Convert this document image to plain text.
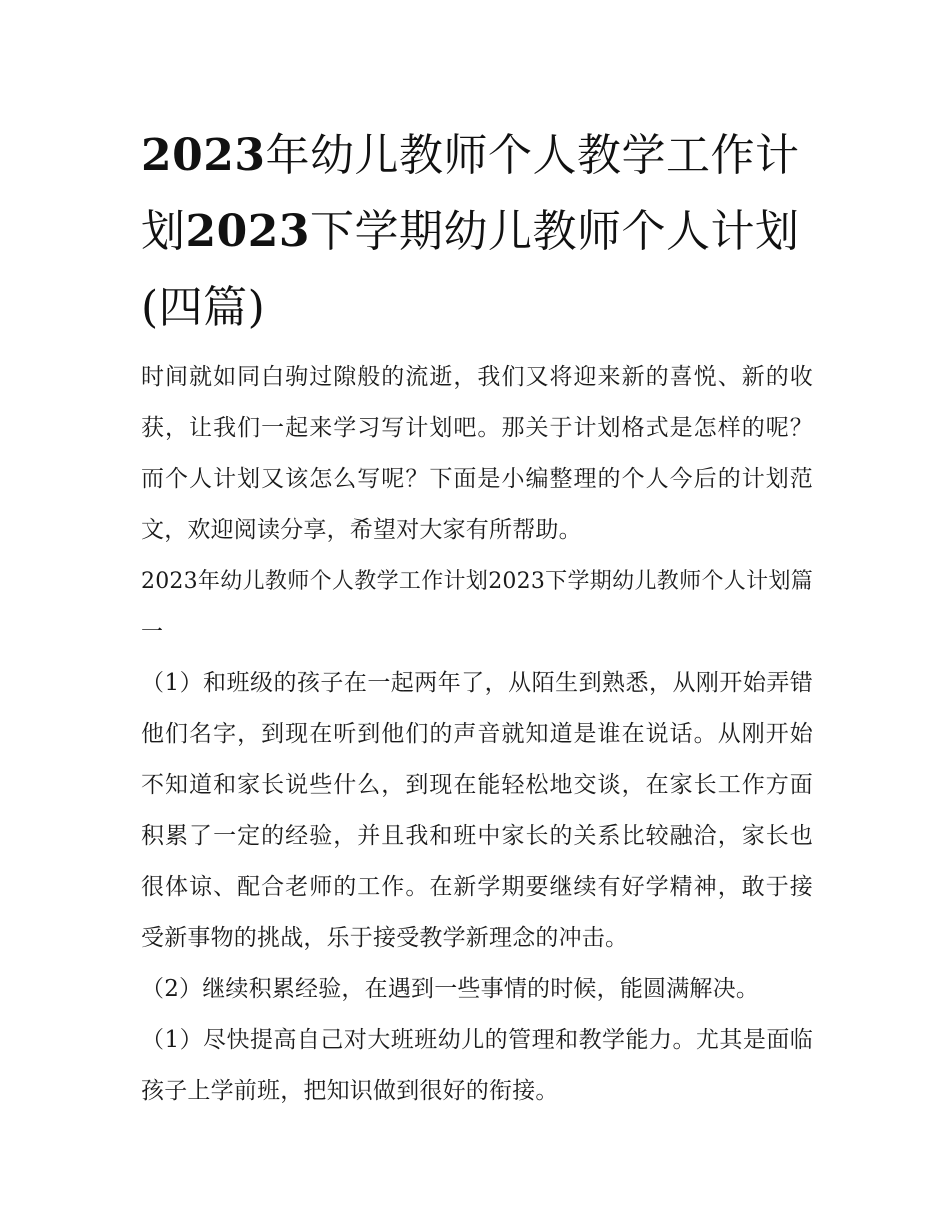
2023年幼儿教师个人教学工作计划2023下学期幼儿教师个人计划(四篇)

时间就如同白驹过隙般的流逝，我们又将迎来新的喜悦、新的收获，让我们一起来学习写计划吧。那关于计划格式是怎样的呢？而个人计划又该怎么写呢？下面是小编整理的个人今后的计划范文，欢迎阅读分享，希望对大家有所帮助。

2023年幼儿教师个人教学工作计划2023下学期幼儿教师个人计划篇一

（1）和班级的孩子在一起两年了，从陌生到熟悉，从刚开始弄错他们名字，到现在听到他们的声音就知道是谁在说话。从刚开始不知道和家长说些什么，到现在能轻松地交谈，在家长工作方面积累了一定的经验，并且我和班中家长的关系比较融洽，家长也很体谅、配合老师的工作。在新学期要继续有好学精神，敢于接受新事物的挑战，乐于接受教学新理念的冲击。

（2）继续积累经验，在遇到一些事情的时候，能圆满解决。

（1）尽快提高自己对大班班幼儿的管理和教学能力。尤其是面临孩子上学前班，把知识做到很好的衔接。
